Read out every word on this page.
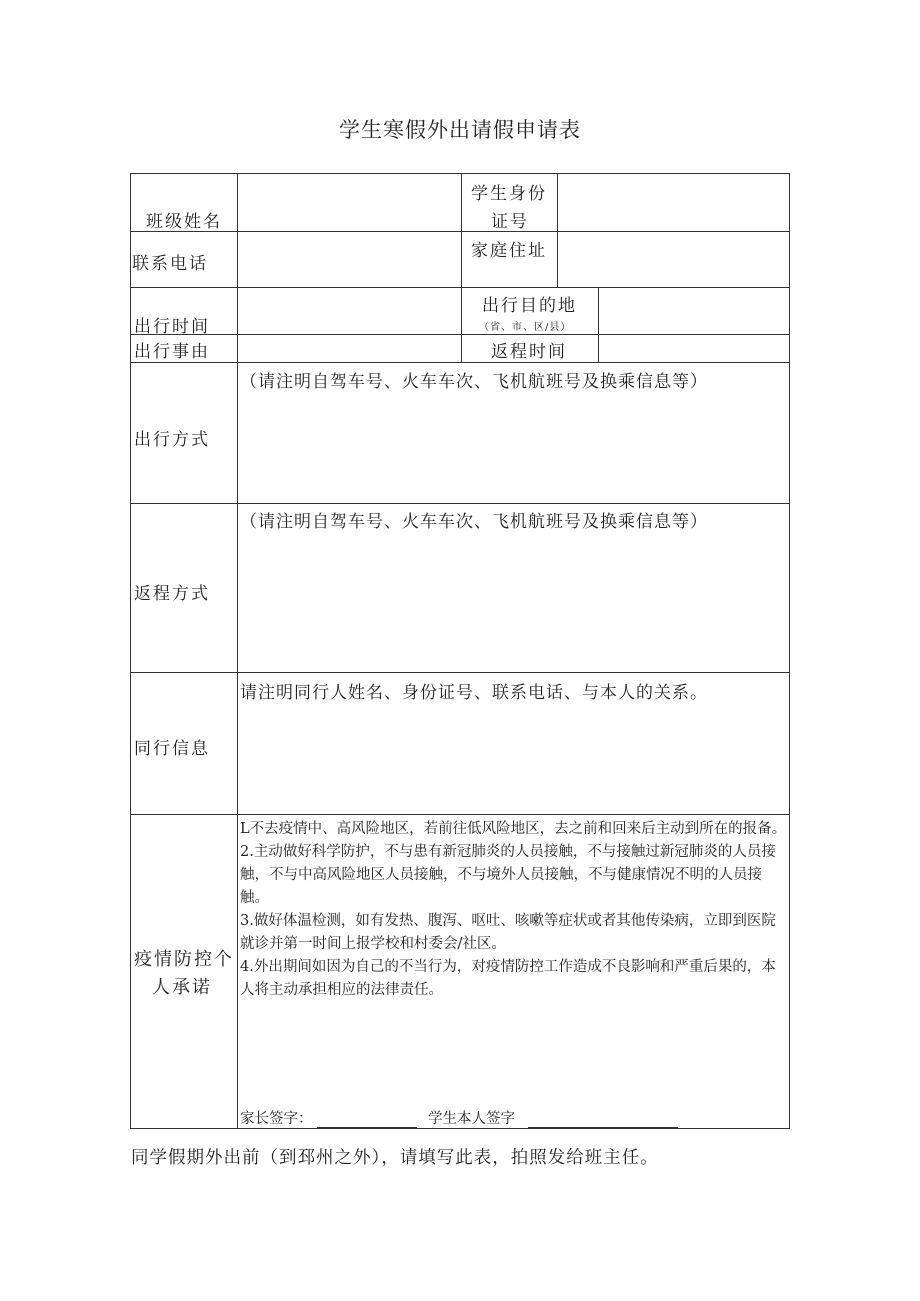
学生寒假外出请假申请表
班级姓名
学生身份
证号
联系电话
家庭住址
出行时间
出行目的地
（省、市、区/县）
出行事由	返程时间
出行方式
（请注明自驾车号、火车车次、飞机航班号及换乘信息等）
返程方式
（请注明自驾车号、火车车次、飞机航班号及换乘信息等）
同行信息
请注明同行人姓名、身份证号、联系电话、与本人的关系。
疫情防控个
人承诺

L不去疫情中、高风险地区，若前往低风险地区，去之前和回来后主动到所在的报备。

2.主动做好科学防护，不与患有新冠肺炎的人员接触，不与接触过新冠肺炎的人员接触，不与中高风险地区人员接触，不与境外人员接触，不与健康情况不明的人员接触。

3.做好体温检测，如有发热、腹泻、呕吐、咳嗽等症状或者其他传染病，立即到医院就诊并第一时间上报学校和村委会/社区。

4.外出期间如因为自己的不当行为，对疫情防控工作造成不良影响和严重后果的，本人将主动承担相应的法律责任。

家长签字：	学生本人签字
同学假期外出前（到邳州之外），请填写此表，拍照发给班主任。
